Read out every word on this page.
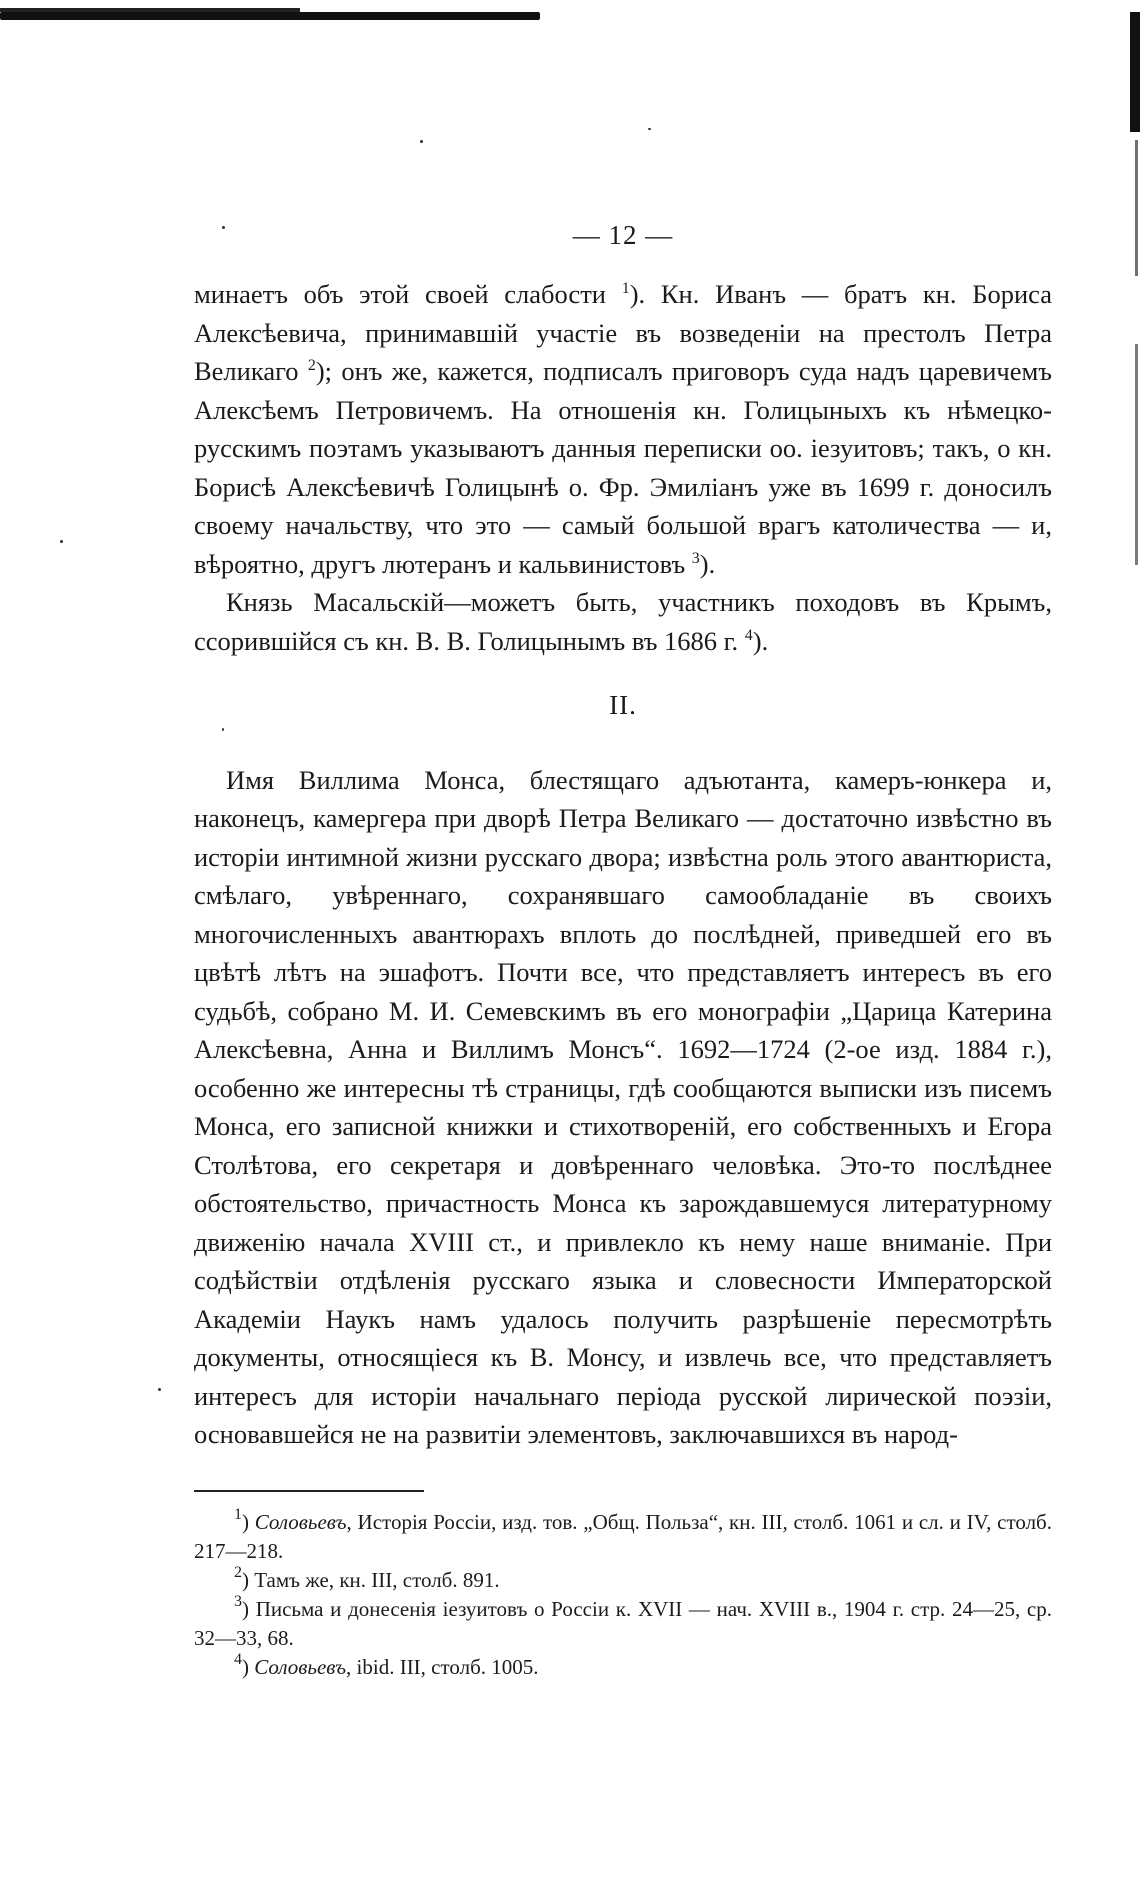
— 12 —

минаетъ объ этой своей слабости $^1$). Кн. Иванъ — братъ кн. Бориса Алексѣевича, принимавшій участіе въ возведеніи на престолъ Петра Великаго $^2$); онъ же, кажется, подписалъ приговоръ суда надъ царевичемъ Алексѣемъ Петровичемъ. На отношенія кн. Голицыныхъ къ нѣмецко-русскимъ поэтамъ указываютъ данныя переписки оо. іезуитовъ; такъ, о кн. Борисѣ Алексѣевичѣ Голицынѣ о. Фр. Эмиліанъ уже въ 1699 г. доносилъ своему начальству, что это — самый большой врагъ католичества — и, вѣроятно, другъ лютеранъ и кальвинистовъ $^3$).

Князь Масальскій—можетъ быть, участникъ походовъ въ Крымъ, ссорившійся съ кн. В. В. Голицынымъ въ 1686 г. $^4$).

II.

Имя Виллима Монса, блестящаго адъютанта, камеръ-юнкера и, наконецъ, камергера при дворѣ Петра Великаго — достаточно извѣстно въ исторіи интимной жизни русскаго двора; извѣстна роль этого авантюриста, смѣлаго, увѣреннаго, сохранявшаго самообладаніе въ своихъ многочисленныхъ авантюрахъ вплоть до послѣдней, приведшей его въ цвѣтѣ лѣтъ на эшафотъ. Почти все, что представляетъ интересъ въ его судьбѣ, собрано М. И. Семевскимъ въ его монографіи „Царица Катерина Алексѣевна, Анна и Виллимъ Монсъ“. 1692—1724 (2-ое изд. 1884 г.), особенно же интересны тѣ страницы, гдѣ сообщаются выписки изъ писемъ Монса, его записной книжки и стихотвореній, его собственныхъ и Егора Столѣтова, его секретаря и довѣреннаго человѣка. Это-то послѣднее обстоятельство, причастность Монса къ зарождавшемуся литературному движенію начала XVIII ст., и привлекло къ нему наше вниманіе. При содѣйствіи отдѣленія русскаго языка и словесности Императорской Академіи Наукъ намъ удалось получить разрѣшеніе пересмотрѣть документы, относящіеся къ В. Монсу, и извлечь все, что представляетъ интересъ для исторіи начальнаго періода русской лирической поэзіи, основавшейся не на развитіи элементовъ, заключавшихся въ народ-

$^1$) Соловьевъ, Исторія Россіи, изд. тов. „Общ. Польза“, кн. III, столб. 1061 и сл. и IV, столб. 217—218.

$^2$) Тамъ же, кн. III, столб. 891.

$^3$) Письма и донесенія іезуитовъ о Россіи к. XVII — нач. XVIII в., 1904 г. стр. 24—25, ср. 32—33, 68.

$^4$) Соловьевъ, ibid. III, столб. 1005.
